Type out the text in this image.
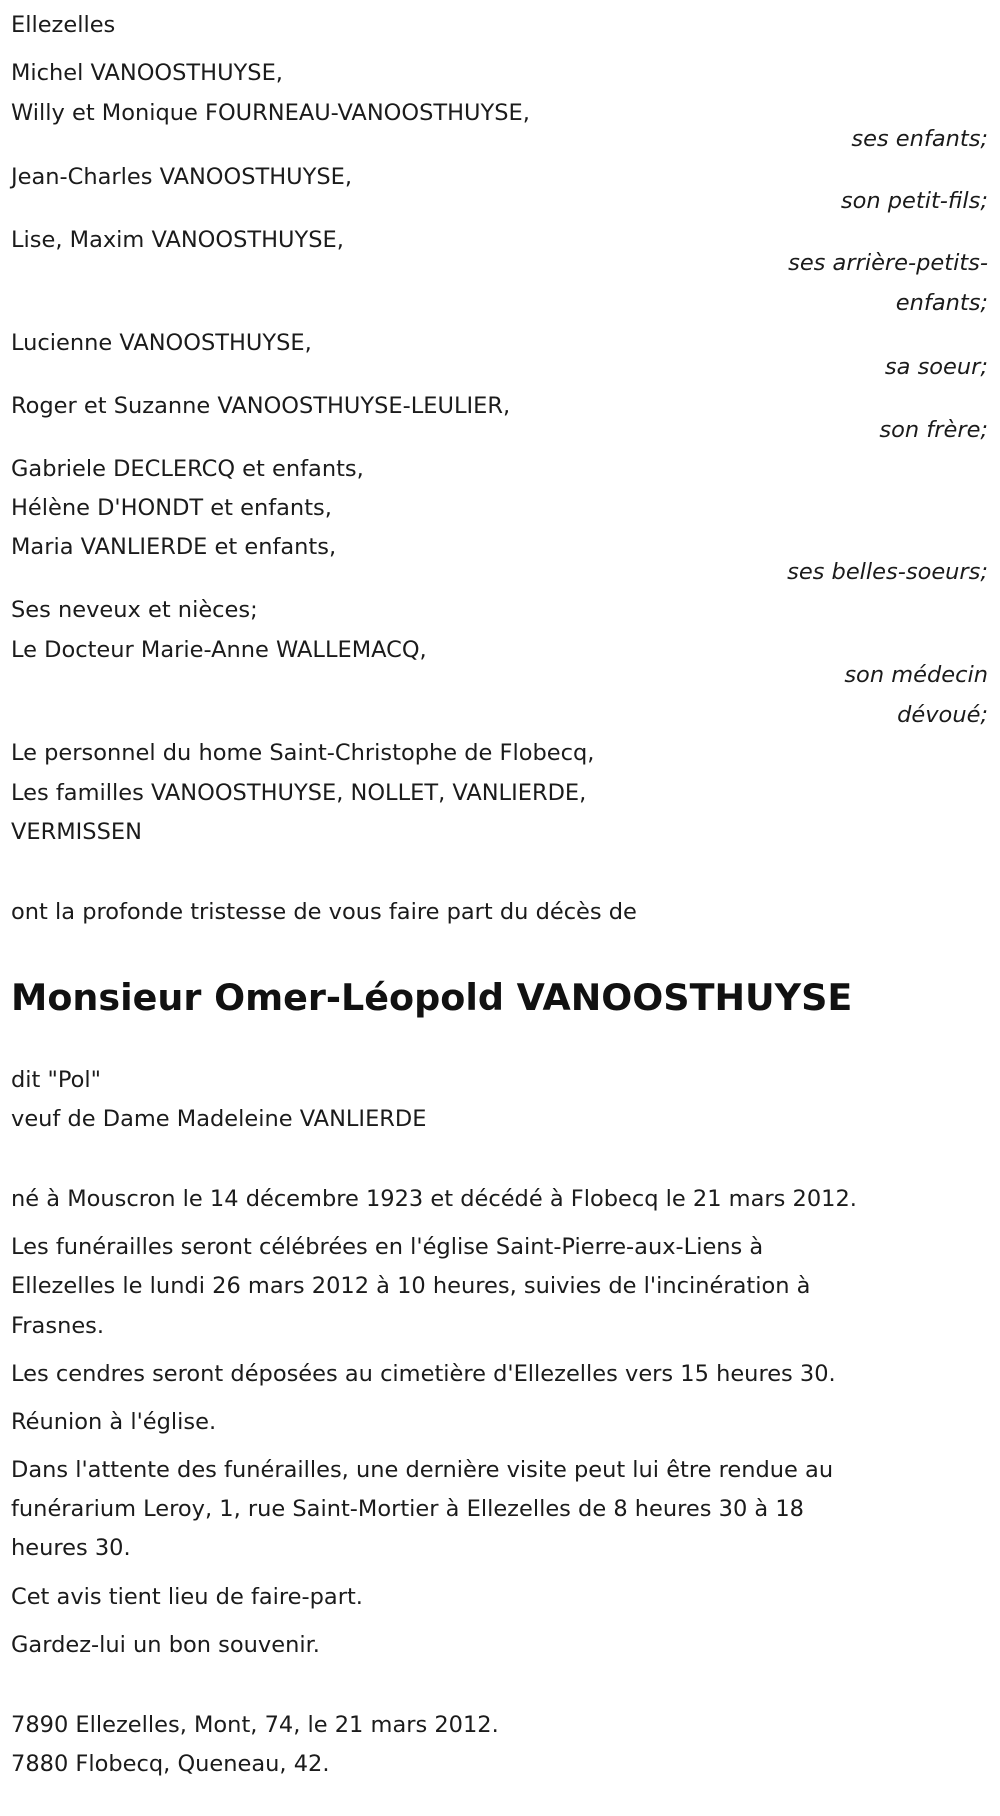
Ellezelles
Michel VANOOSTHUYSE,
Willy et Monique FOURNEAU-VANOOSTHUYSE,
ses enfants;
Jean-Charles VANOOSTHUYSE,
son petit-fils;
Lise, Maxim VANOOSTHUYSE,
ses arrière-petits-
enfants;
Lucienne VANOOSTHUYSE,
sa soeur;
Roger et Suzanne VANOOSTHUYSE-LEULIER,
son frère;
Gabriele DECLERCQ et enfants,
Hélène D'HONDT et enfants,
Maria VANLIERDE et enfants,
ses belles-soeurs;
Ses neveux et nièces;
Le Docteur Marie-Anne WALLEMACQ,
son médecin
dévoué;
Le personnel du home Saint-Christophe de Flobecq,
Les familles VANOOSTHUYSE, NOLLET, VANLIERDE,
VERMISSEN
ont la profonde tristesse de vous faire part du décès de
Monsieur Omer-Léopold VANOOSTHUYSE
dit "Pol"
veuf de Dame Madeleine VANLIERDE
né à Mouscron le 14 décembre 1923 et décédé à Flobecq le 21 mars 2012.
Les funérailles seront célébrées en l'église Saint-Pierre-aux-Liens à
Ellezelles le lundi 26 mars 2012 à 10 heures, suivies de l'incinération à
Frasnes.
Les cendres seront déposées au cimetière d'Ellezelles vers 15 heures 30.
Réunion à l'église.
Dans l'attente des funérailles, une dernière visite peut lui être rendue au
funérarium Leroy, 1, rue Saint-Mortier à Ellezelles de 8 heures 30 à 18
heures 30.
Cet avis tient lieu de faire-part.
Gardez-lui un bon souvenir.
7890 Ellezelles, Mont, 74, le 21 mars 2012.
7880 Flobecq, Queneau, 42.
